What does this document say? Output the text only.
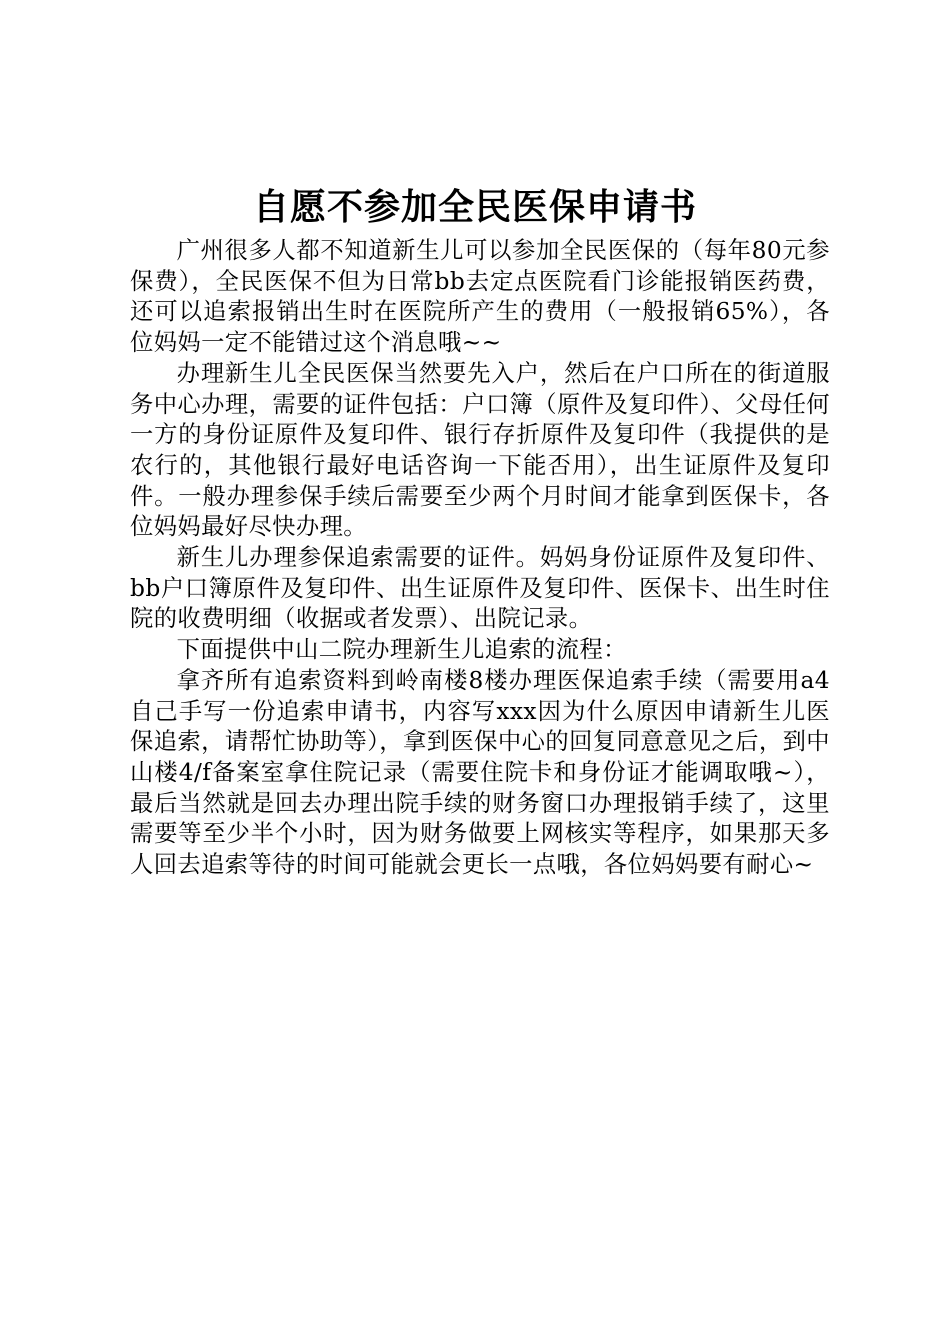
自愿不参加全民医保申请书

广州很多人都不知道新生儿可以参加全民医保的（每年80元参保费），全民医保不但为日常bb去定点医院看门诊能报销医药费，还可以追索报销出生时在医院所产生的费用（一般报销65%），各位妈妈一定不能错过这个消息哦~~

办理新生儿全民医保当然要先入户，然后在户口所在的街道服务中心办理，需要的证件包括：户口簿（原件及复印件）、父母任何一方的身份证原件及复印件、银行存折原件及复印件（我提供的是农行的，其他银行最好电话咨询一下能否用），出生证原件及复印件。一般办理参保手续后需要至少两个月时间才能拿到医保卡，各位妈妈最好尽快办理。

新生儿办理参保追索需要的证件。妈妈身份证原件及复印件、bb户口簿原件及复印件、出生证原件及复印件、医保卡、出生时住院的收费明细（收据或者发票）、出院记录。

下面提供中山二院办理新生儿追索的流程：

拿齐所有追索资料到岭南楼8楼办理医保追索手续（需要用a4自己手写一份追索申请书，内容写xxx因为什么原因申请新生儿医保追索，请帮忙协助等），拿到医保中心的回复同意意见之后，到中山楼4/f备案室拿住院记录（需要住院卡和身份证才能调取哦~），最后当然就是回去办理出院手续的财务窗口办理报销手续了，这里需要等至少半个小时，因为财务做要上网核实等程序，如果那天多人回去追索等待的时间可能就会更长一点哦，各位妈妈要有耐心~
